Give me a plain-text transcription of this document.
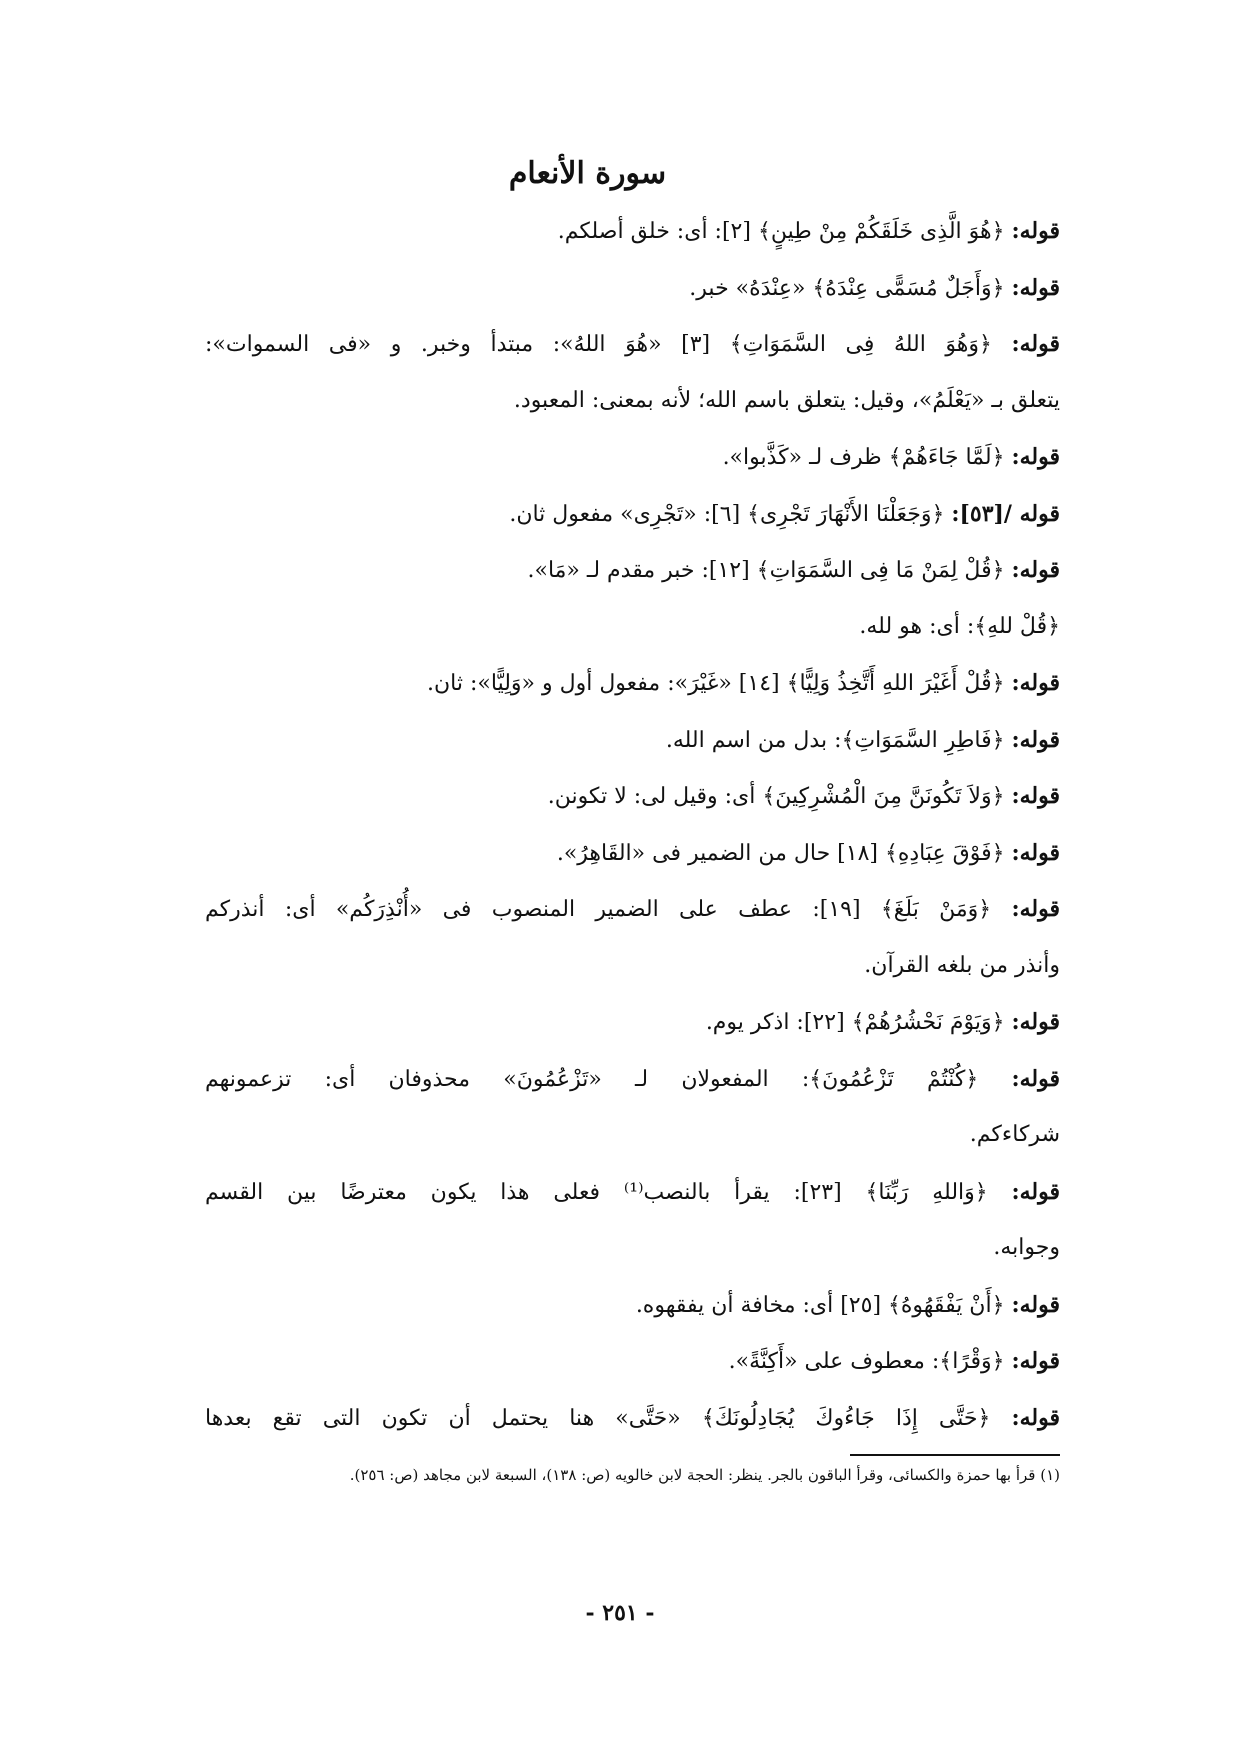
سورة الأنعام
قوله: ﴿هُوَ الَّذِى خَلَقَكُمْ مِنْ طِينٍ﴾ [٢]: أى: خلق أصلكم.
قوله: ﴿وَأَجَلٌ مُسَمًّى عِنْدَهُ﴾ «عِنْدَهُ» خبر.
قوله: ﴿وَهُوَ اللهُ فِى السَّمَوَاتِ﴾ [٣] «هُوَ اللهُ»: مبتدأ وخبر. و «فى السموات»:
يتعلق بـ «يَعْلَمُ»، وقيل: يتعلق باسم الله؛ لأنه بمعنى: المعبود.
قوله: ﴿لَمَّا جَاءَهُمْ﴾ ظرف لـ «كَذَّبوا».
قوله /[٥٣]: ﴿وَجَعَلْنَا الأَنْهَارَ تَجْرِى﴾ [٦]: «تَجْرِى» مفعول ثان.
قوله: ﴿قُلْ لِمَنْ مَا فِى السَّمَوَاتِ﴾ [١٢]: خبر مقدم لـ «مَا».
﴿قُلْ للهِ﴾: أى: هو لله.
قوله: ﴿قُلْ أَغَيْرَ اللهِ أَتَّخِذُ وَلِيًّا﴾ [١٤] «غَيْرَ»: مفعول أول و «وَلِيًّا»: ثان.
قوله: ﴿فَاطِرِ السَّمَوَاتِ﴾: بدل من اسم الله.
قوله: ﴿وَلاَ تَكُونَنَّ مِنَ الْمُشْرِكِينَ﴾ أى: وقيل لى: لا تكونن.
قوله: ﴿فَوْقَ عِبَادِهِ﴾ [١٨] حال من الضمير فى «القَاهِرُ».
قوله: ﴿وَمَنْ بَلَغَ﴾ [١٩]: عطف على الضمير المنصوب فى «أُنْذِرَكُم» أى: أنذركم
وأنذر من بلغه القرآن.
قوله: ﴿وَيَوْمَ نَحْشُرُهُمْ﴾ [٢٢]: اذكر يوم.
قوله: ﴿كُنْتُمْ تَزْعُمُونَ﴾: المفعولان لـ «تَزْعُمُونَ» محذوفان أى: تزعمونهم
شركاءكم.
قوله: ﴿وَاللهِ رَبِّنَا﴾ [٢٣]: يقرأ بالنصب⁽¹⁾ فعلى هذا يكون معترضًا بين القسم
وجوابه.
قوله: ﴿أَنْ يَفْقَهُوهُ﴾ [٢٥] أى: مخافة أن يفقهوه.
قوله: ﴿وَقْرًا﴾: معطوف على «أَكِنَّةً».
قوله: ﴿حَتَّى إِذَا جَاءُوكَ يُجَادِلُونَكَ﴾ «حَتَّى» هنا يحتمل أن تكون التى تقع بعدها
(١) قرأ بها حمزة والكسائى، وقرأ الباقون بالجر. ينظر: الحجة لابن خالويه (ص: ١٣٨)، السبعة لابن مجاهد (ص: ٢٥٦).
- ٢٥١ -
